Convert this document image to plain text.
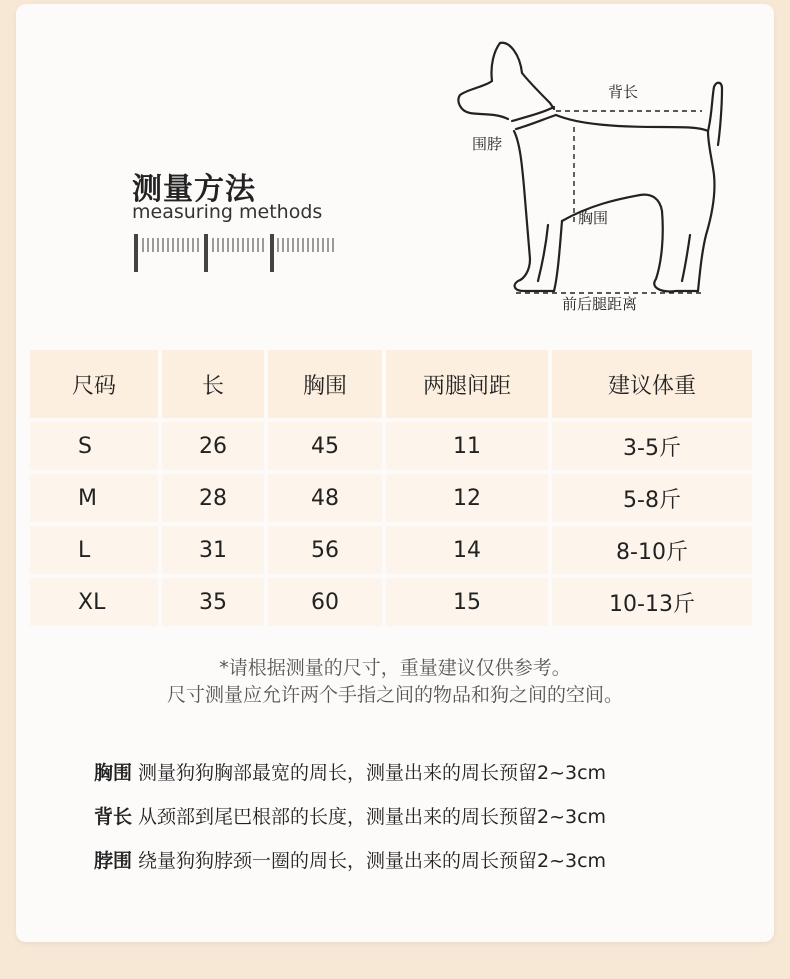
测量方法
measuring methods
背长
围脖
胸围
前后腿距离
尺码	长	胸围	两腿间距	建议体重
S	26	45	11	3-5斤
M	28	48	12	5-8斤
L	31	56	14	8-10斤
XL	35	60	15	10-13斤
*请根据测量的尺寸，重量建议仅供参考。
尺寸测量应允许两个手指之间的物品和狗之间的空间。
胸围 测量狗狗胸部最宽的周长，测量出来的周长预留2~3cm
背长 从颈部到尾巴根部的长度，测量出来的周长预留2~3cm
脖围 绕量狗狗脖颈一圈的周长，测量出来的周长预留2~3cm
